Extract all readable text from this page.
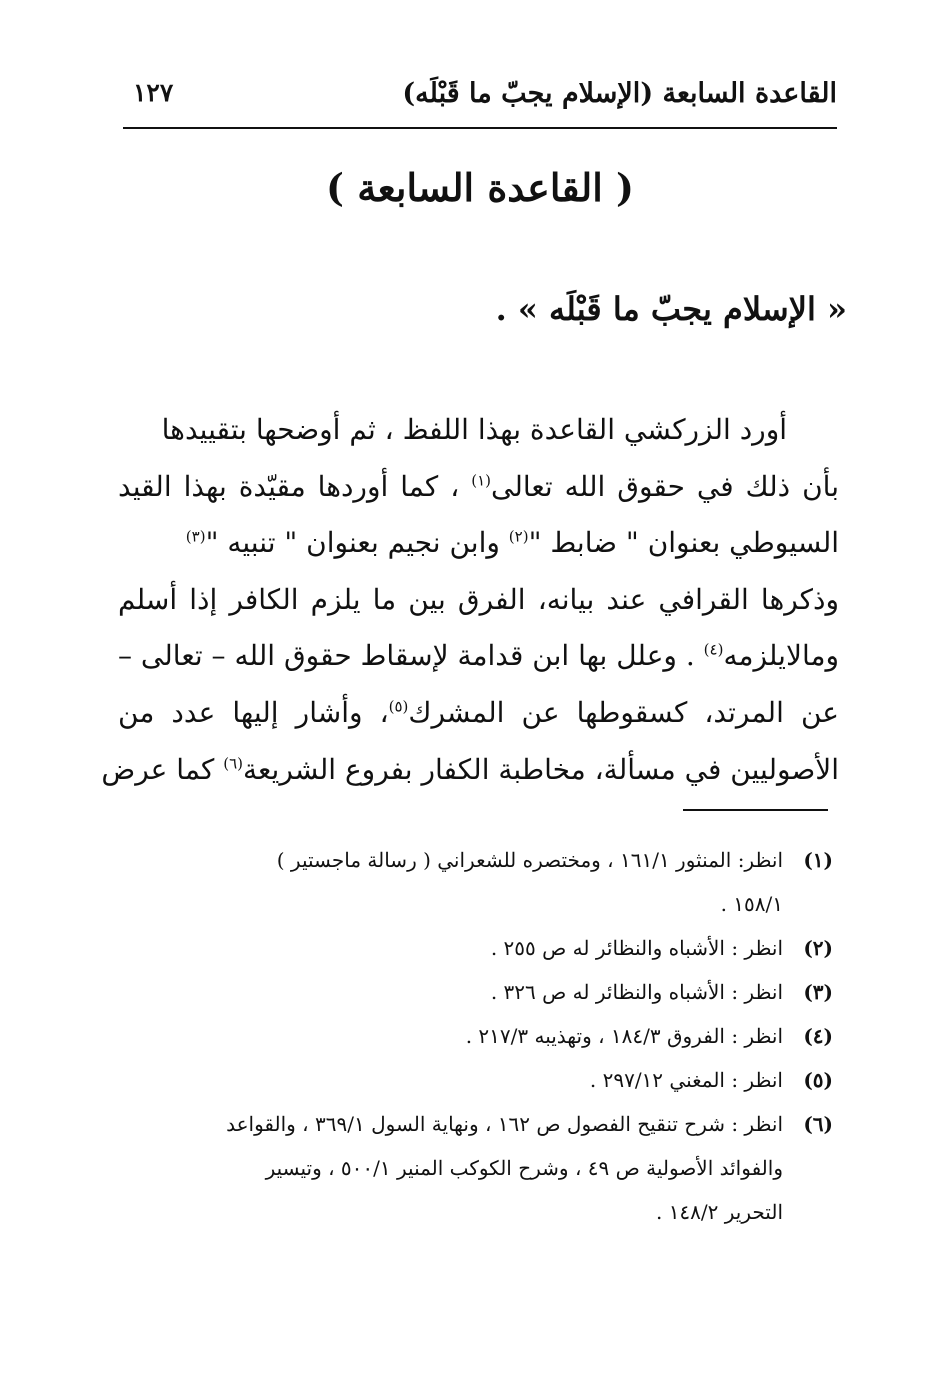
القاعدة السابعة (الإسلام يجبّ ما قَبْلَه)
١٢٧
( القاعدة السابعة )
« الإسلام يجبّ ما قَبْلَه » .
أورد الزركشي القاعدة بهذا اللفظ ، ثم أوضحها بتقييدها
بأن ذلك في حقوق الله تعالى$^{(١)}$ ، كما أوردها مقيّدة بهذا القيد
السيوطي بعنوان " ضابط "$^{(٢)}$ وابن نجيم بعنوان " تنبيه "$^{(٣)}$
وذكرها القرافي عند بيانه، الفرق بين ما يلزم الكافر إذا أسلم
ومالايلزمه$^{(٤)}$ . وعلل بها ابن قدامة لإسقاط حقوق الله – تعالى –
عن المرتد، كسقوطها عن المشرك$^{(٥)}$، وأشار إليها عدد من
الأصوليين في مسألة، مخاطبة الكفار بفروع الشريعة$^{(٦)}$ كما عرض
(١)
انظر: المنثور ١٦١/١ ، ومختصره للشعراني ( رسالة ماجستير )
١٥٨/١ .
(٢)
انظر : الأشباه والنظائر له ص ٢٥٥ .
(٣)
انظر : الأشباه والنظائر له ص ٣٢٦ .
(٤)
انظر : الفروق ١٨٤/٣ ، وتهذيبه ٢١٧/٣ .
(٥)
انظر : المغني ٢٩٧/١٢ .
(٦)
انظر : شرح تنقيح الفصول ص ١٦٢ ، ونهاية السول ٣٦٩/١ ، والقواعد
والفوائد الأصولية ص ٤٩ ، وشرح الكوكب المنير ٥٠٠/١ ، وتيسير
التحرير ١٤٨/٢ .
